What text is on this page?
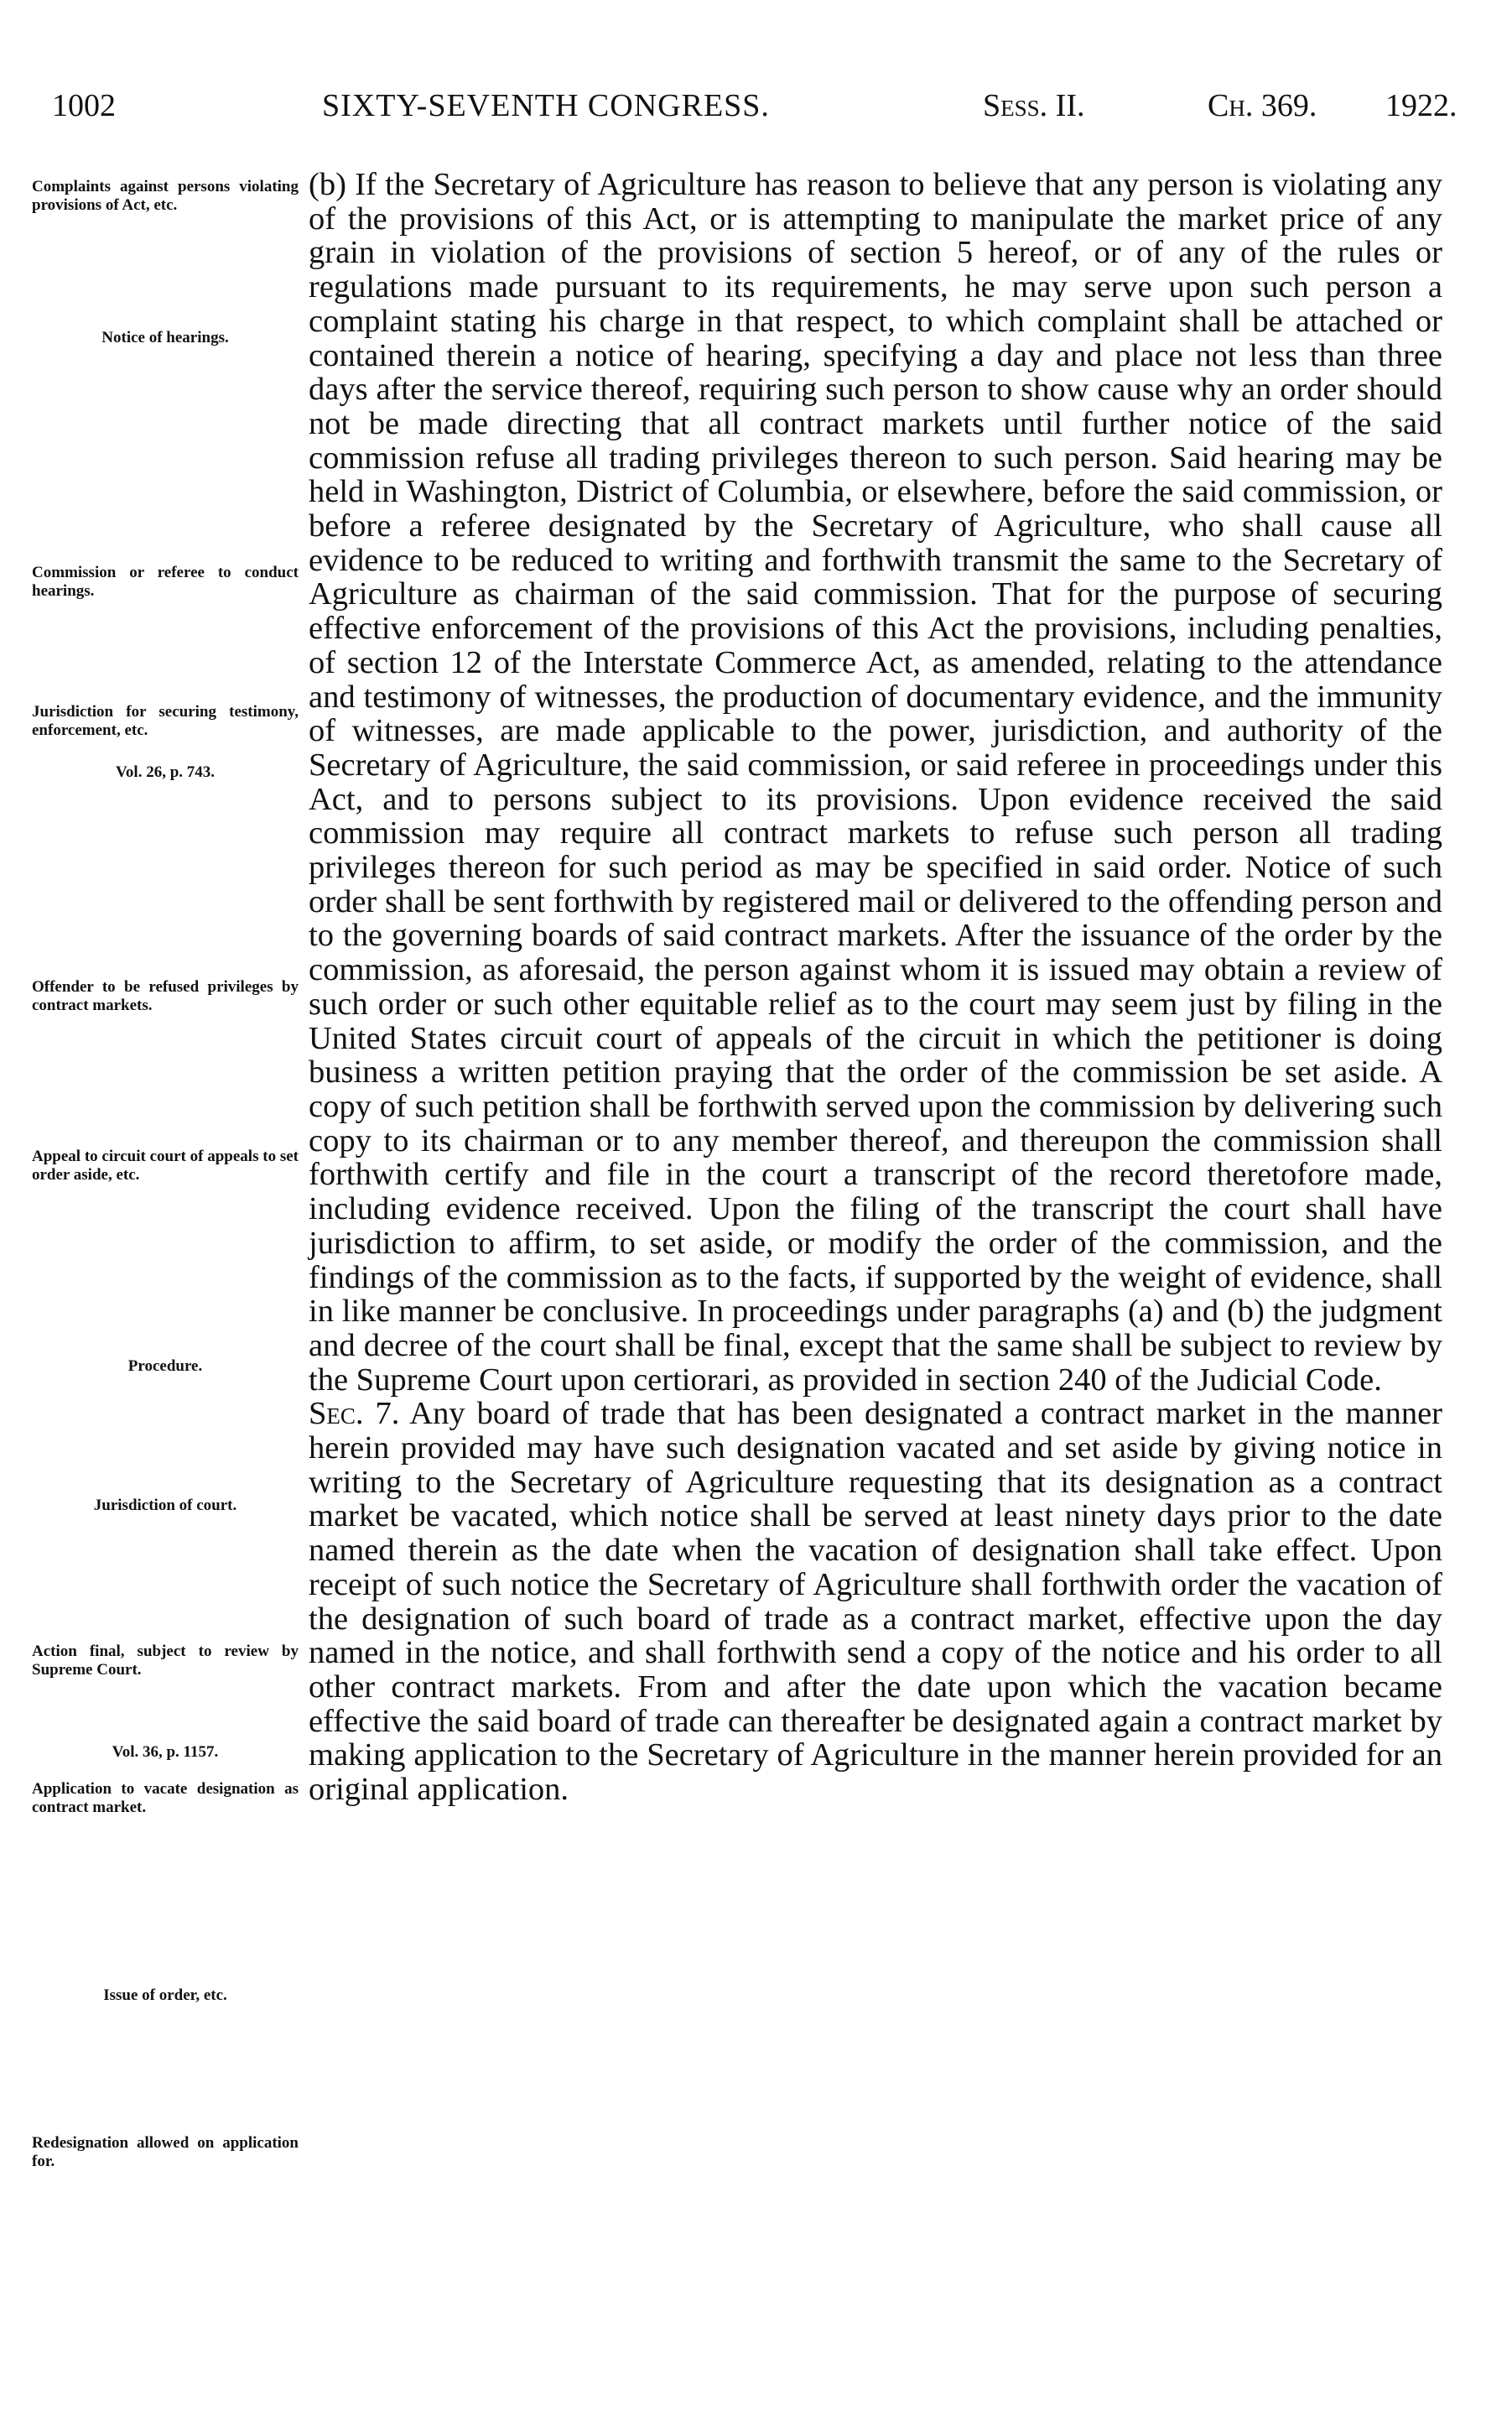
1002	SIXTY-SEVENTH CONGRESS.	Sess. II.	Ch. 369. 1922.
Complaints against persons violating provisions of Act, etc.
Notice of hearings.
Commission or referee to conduct hearings.
Jurisdiction for securing testimony, enforcement, etc.
Vol. 26, p. 743.
Offender to be refused privileges by contract markets.
Appeal to circuit court of appeals to set order aside, etc.
Procedure.
Jurisdiction of court.
Action final, subject to review by Supreme Court.
Vol. 36, p. 1157.
Application to vacate designation as contract market.
Issue of order, etc.
Redesignation allowed on application for.

(b) If the Secretary of Agriculture has reason to believe that any person is violating any of the provisions of this Act, or is attempting to manipulate the market price of any grain in violation of the provisions of section 5 hereof, or of any of the rules or regulations made pursuant to its requirements, he may serve upon such person a complaint stating his charge in that respect, to which complaint shall be attached or contained therein a notice of hearing, specifying a day and place not less than three days after the service thereof, requiring such person to show cause why an order should not be made directing that all contract markets until further notice of the said commission refuse all trading privileges thereon to such person. Said hearing may be held in Washington, District of Columbia, or elsewhere, before the said commission, or before a referee designated by the Secretary of Agriculture, who shall cause all evidence to be reduced to writing and forthwith transmit the same to the Secretary of Agriculture as chairman of the said commission. That for the purpose of securing effective enforcement of the provisions of this Act the provisions, including penalties, of section 12 of the Interstate Commerce Act, as amended, relating to the attendance and testimony of witnesses, the production of documentary evidence, and the immunity of witnesses, are made applicable to the power, jurisdiction, and authority of the Secretary of Agriculture, the said commission, or said referee in proceedings under this Act, and to persons subject to its provisions. Upon evidence received the said commission may require all contract markets to refuse such person all trading privileges thereon for such period as may be specified in said order. Notice of such order shall be sent forthwith by registered mail or delivered to the offending person and to the governing boards of said contract markets. After the issuance of the order by the commission, as aforesaid, the person against whom it is issued may obtain a review of such order or such other equitable relief as to the court may seem just by filing in the United States circuit court of appeals of the circuit in which the petitioner is doing business a written petition praying that the order of the commission be set aside. A copy of such petition shall be forthwith served upon the commission by delivering such copy to its chairman or to any member thereof, and thereupon the commission shall forthwith certify and file in the court a transcript of the record theretofore made, including evidence received. Upon the filing of the transcript the court shall have jurisdiction to affirm, to set aside, or modify the order of the commission, and the findings of the commission as to the facts, if supported by the weight of evidence, shall in like manner be conclusive. In proceedings under paragraphs (a) and (b) the judgment and decree of the court shall be final, except that the same shall be subject to review by the Supreme Court upon certiorari, as provided in section 240 of the Judicial Code.

Sec. 7. Any board of trade that has been designated a contract market in the manner herein provided may have such designation vacated and set aside by giving notice in writing to the Secretary of Agriculture requesting that its designation as a contract market be vacated, which notice shall be served at least ninety days prior to the date named therein as the date when the vacation of designation shall take effect. Upon receipt of such notice the Secretary of Agriculture shall forthwith order the vacation of the designation of such board of trade as a contract market, effective upon the day named in the notice, and shall forthwith send a copy of the notice and his order to all other contract markets. From and after the date upon which the vacation became effective the said board of trade can thereafter be designated again a contract market by making application to the Secretary of Agriculture in the manner herein provided for an original application.
